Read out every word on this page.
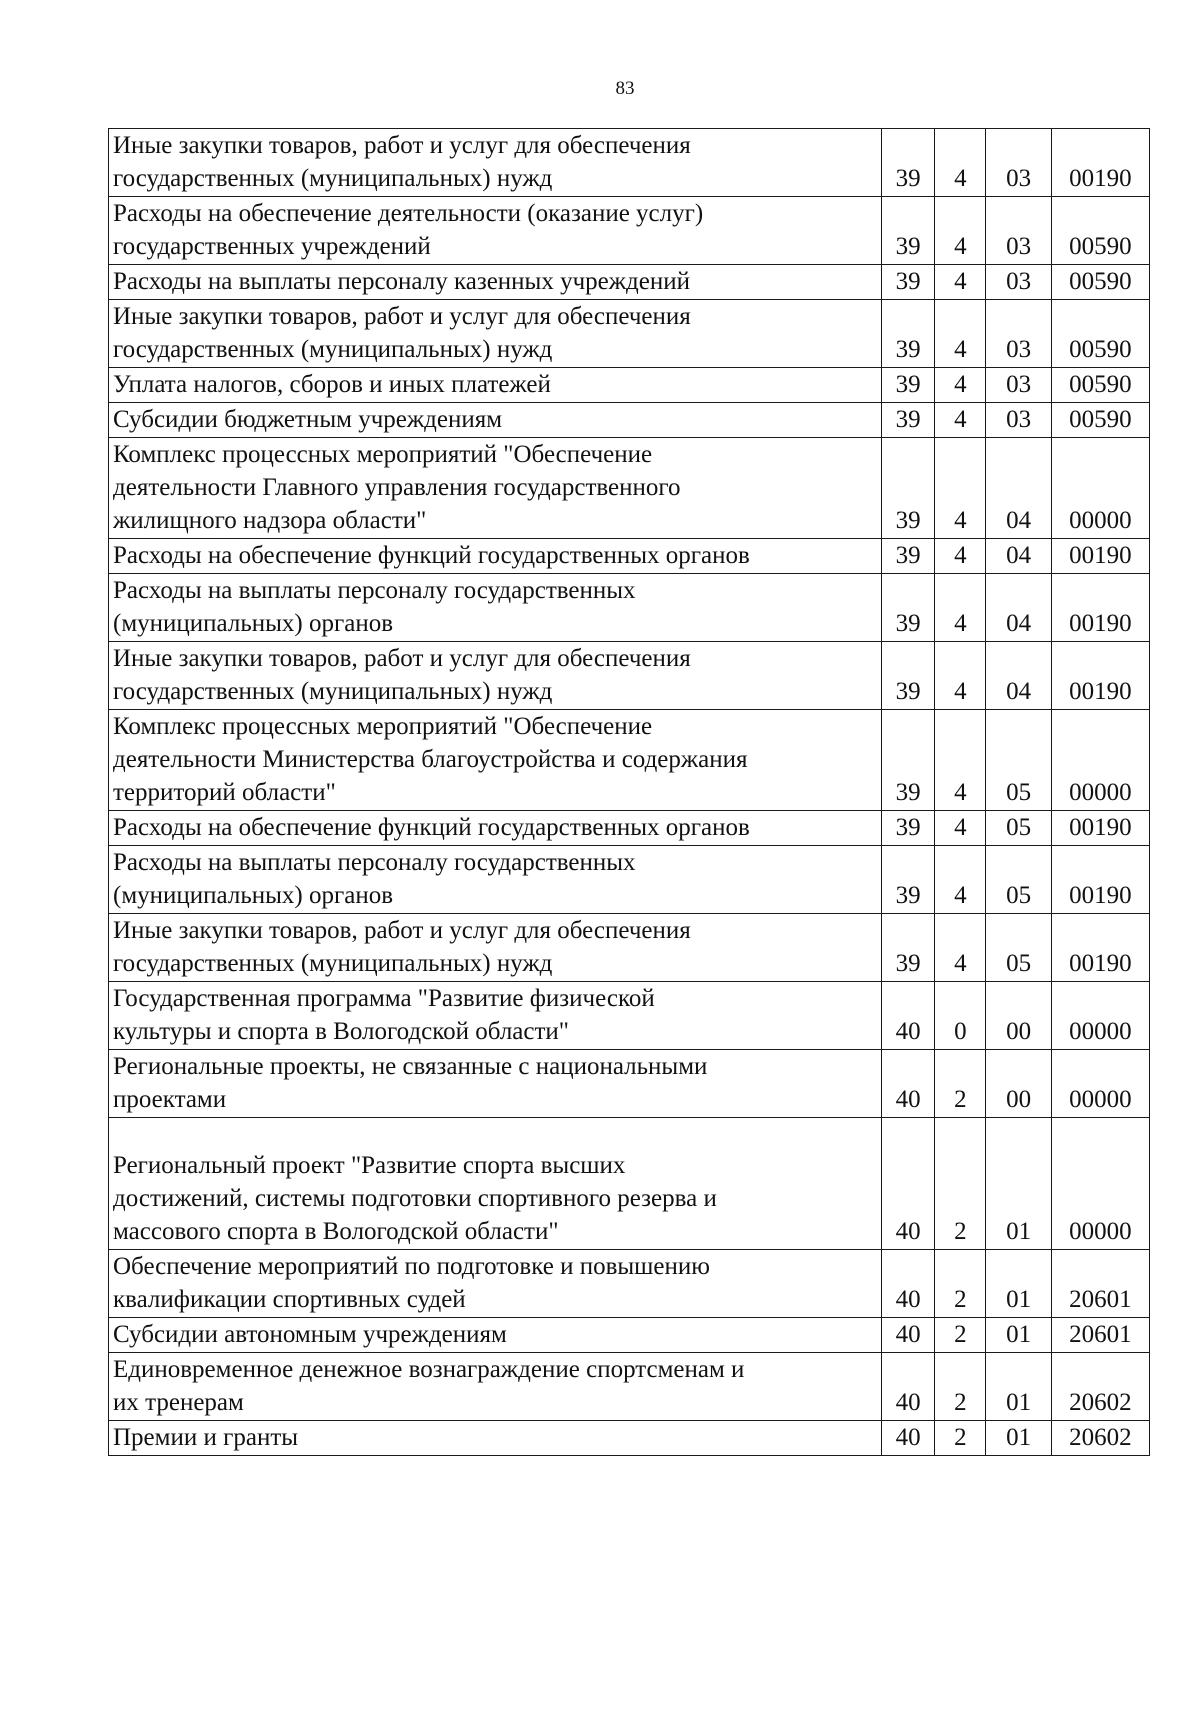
83
Иные закупки товаров, работ и услуг для обеспечения
государственных (муниципальных) нужд	39	4	03	00190
Расходы на обеспечение деятельности (оказание услуг)
государственных учреждений	39	4	03	00590
Расходы на выплаты персоналу казенных учреждений	39	4	03	00590
Иные закупки товаров, работ и услуг для обеспечения
государственных (муниципальных) нужд	39	4	03	00590
Уплата налогов, сборов и иных платежей	39	4	03	00590
Субсидии бюджетным учреждениям	39	4	03	00590
Комплекс процессных мероприятий "Обеспечение
деятельности Главного управления государственного
жилищного надзора области"	39	4	04	00000
Расходы на обеспечение функций государственных органов	39	4	04	00190
Расходы на выплаты персоналу государственных
(муниципальных) органов	39	4	04	00190
Иные закупки товаров, работ и услуг для обеспечения
государственных (муниципальных) нужд	39	4	04	00190
Комплекс процессных мероприятий "Обеспечение
деятельности Министерства благоустройства и содержания
территорий области"	39	4	05	00000
Расходы на обеспечение функций государственных органов	39	4	05	00190
Расходы на выплаты персоналу государственных
(муниципальных) органов	39	4	05	00190
Иные закупки товаров, работ и услуг для обеспечения
государственных (муниципальных) нужд	39	4	05	00190
Государственная программа "Развитие физической
культуры и спорта в Вологодской области"	40	0	00	00000
Региональные проекты, не связанные с национальными
проектами	40	2	00	00000
Региональный проект "Развитие спорта высших
достижений, системы подготовки спортивного резерва и
массового спорта в Вологодской области"	40	2	01	00000
Обеспечение мероприятий по подготовке и повышению
квалификации спортивных судей	40	2	01	20601
Субсидии автономным учреждениям	40	2	01	20601
Единовременное денежное вознаграждение спортсменам и
их тренерам	40	2	01	20602
Премии и гранты	40	2	01	20602
